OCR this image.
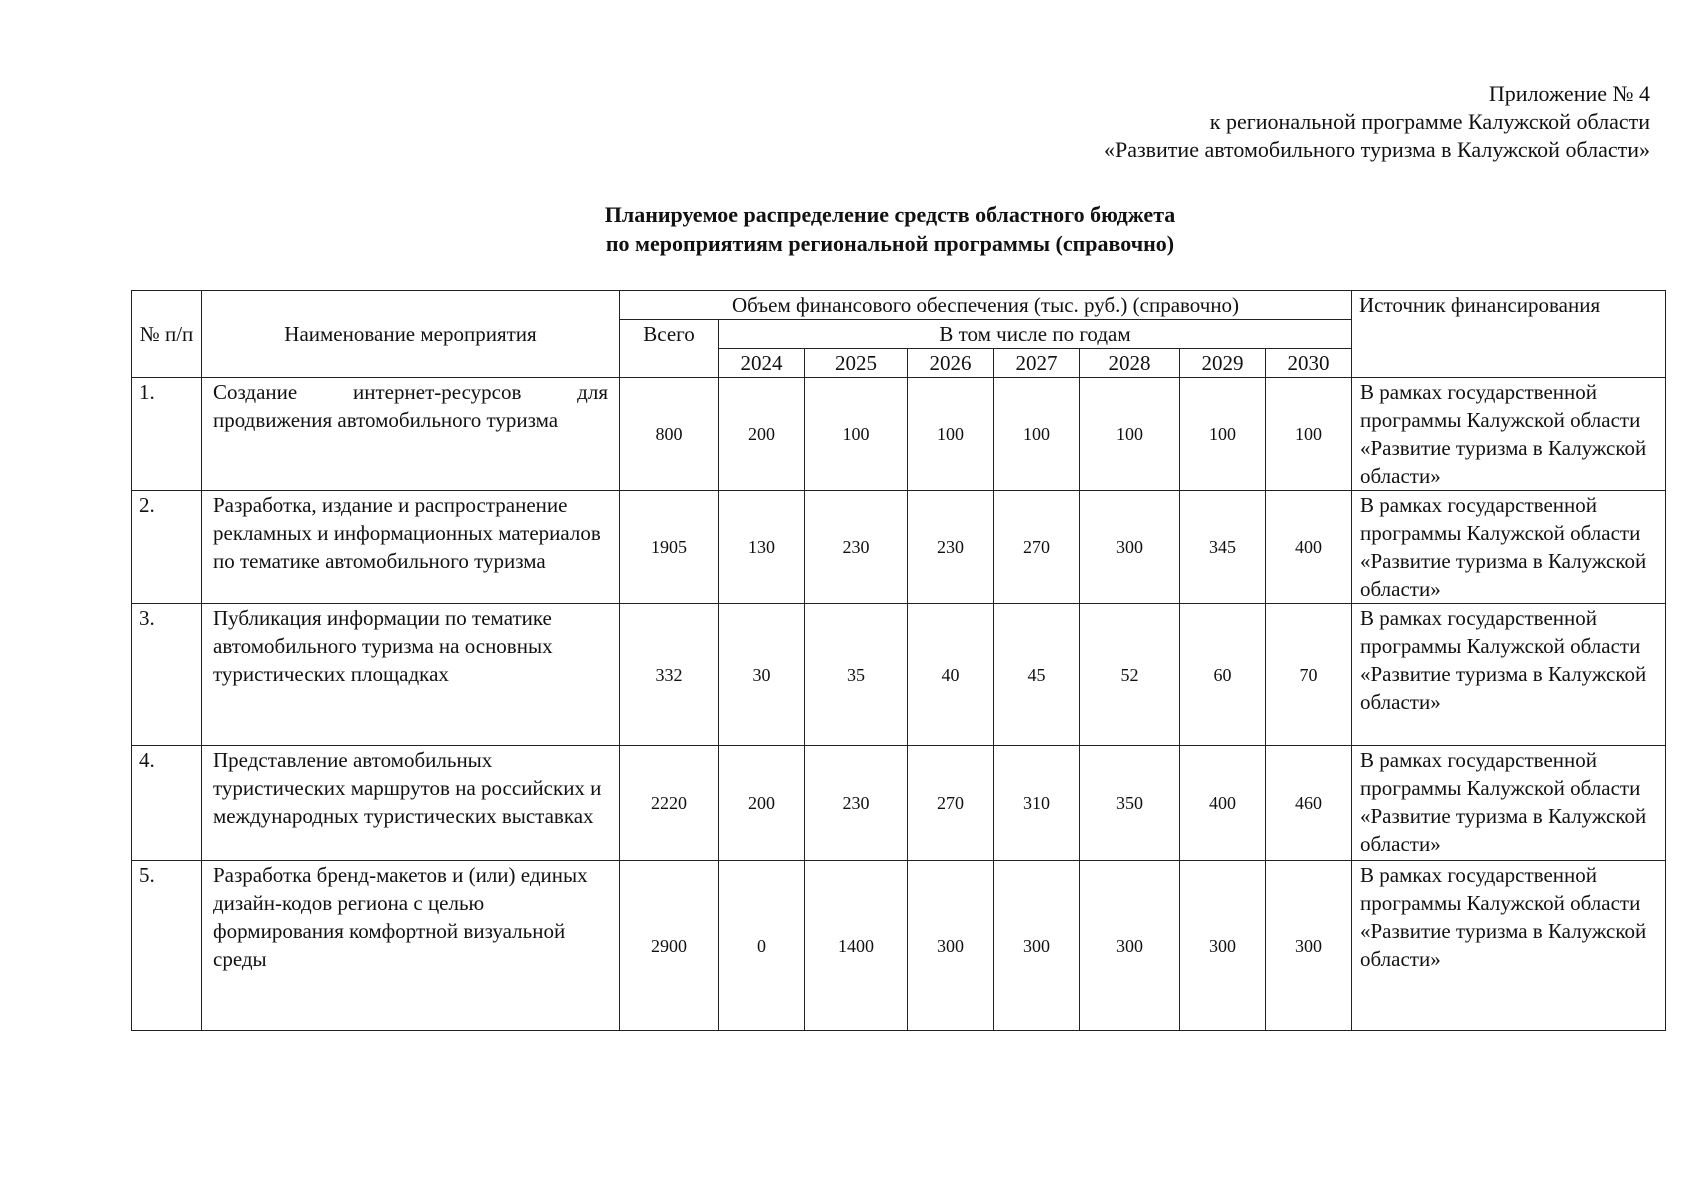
Приложение № 4
к региональной программе Калужской области
«Развитие автомобильного туризма в Калужской области»
Планируемое распределение средств областного бюджета
по мероприятиям региональной программы (справочно)
№ п/п	Наименование мероприятия	Объем финансового обеспечения (тыс. руб.) (справочно)								Источник финансирования
		Всего	В том числе по годам							
			2024	2025	2026	2027	2028	2029	2030	
1.	Создание интернет-ресурсов для продвижения автомобильного туризма	800	200	100	100	100	100	100	100	В рамках государственной программы Калужской области «Развитие туризма в Калужской области»
2.	Разработка, издание и распространение рекламных и информационных материалов по тематике автомобильного туризма	1905	130	230	230	270	300	345	400	В рамках государственной программы Калужской области «Развитие туризма в Калужской области»
3.	Публикация информации по тематике автомобильного туризма на основных туристических площадках	332	30	35	40	45	52	60	70	В рамках государственной программы Калужской области «Развитие туризма в Калужской области»
4.	Представление автомобильных туристических маршрутов на российских и международных туристических выставках	2220	200	230	270	310	350	400	460	В рамках государственной программы Калужской области «Развитие туризма в Калужской области»
5.	Разработка бренд-макетов и (или) единых дизайн-кодов региона с целью формирования комфортной визуальной среды	2900	0	1400	300	300	300	300	300	В рамках государственной программы Калужской области «Развитие туризма в Калужской области»
